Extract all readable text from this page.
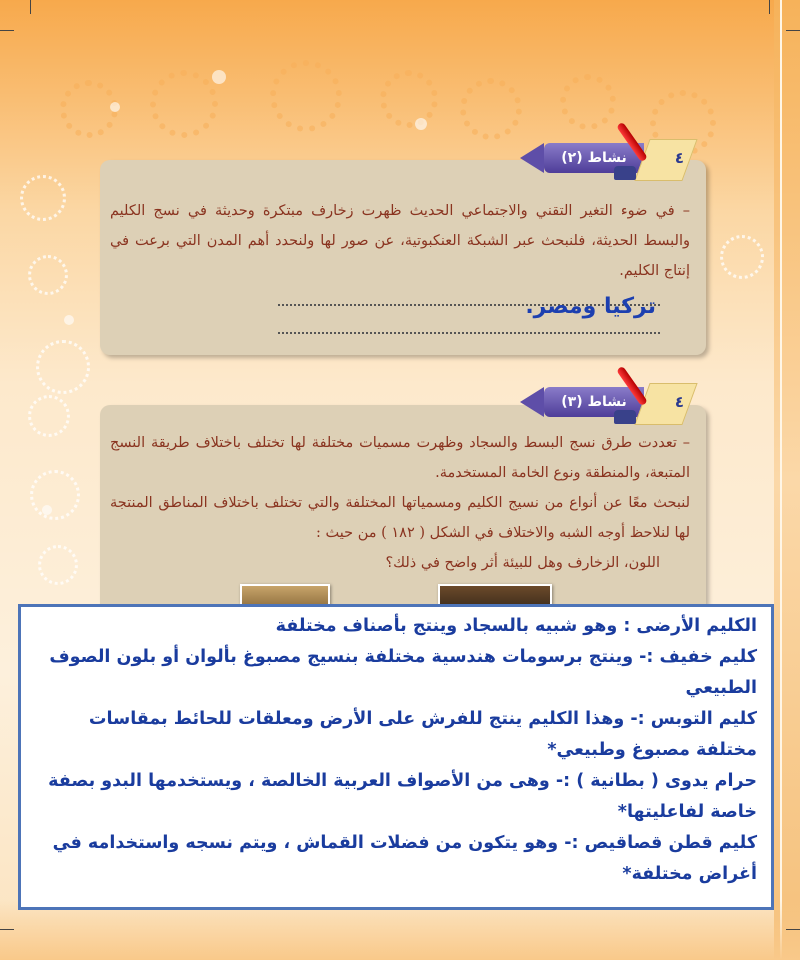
نشاط (٢)	٤
– في ضوء التغير التقني والاجتماعي الحديث ظهرت زخارف مبتكرة وحديثة في نسج الكليم والبسط الحديثة، فلنبحث عبر الشبكة العنكبوتية، عن صور لها ولنحدد أهم المدن التي برعت في إنتاج الكليم.
تركيا ومصر.
نشاط (٣)	٤
– تعددت طرق نسج البسط والسجاد وظهرت مسميات مختلفة لها تختلف باختلاف طريقة النسج المتبعة، والمنطقة ونوع الخامة المستخدمة.
لنبحث معًا عن أنواع من نسيج الكليم ومسمياتها المختلفة والتي تختلف باختلاف المناطق المنتجة لها لنلاحظ أوجه الشبه والاختلاف في الشكل ( ١٨٢ ) من حيث :
اللون، الزخارف وهل للبيئة أثر واضح في ذلك؟

الكليم الأرضى : وهو شبيه بالسجاد وينتج بأصناف مختلفة

كليم خفيف :- وينتج برسومات هندسية مختلفة بنسيج مصبوغ بألوان أو بلون الصوف الطبيعي

كليم التوبس :- وهذا الكليم ينتج للفرش على الأرض ومعلقات للحائط بمقاسات مختلفة مصبوغ وطبيعي*

حرام يدوى ( بطانية ) :- وهى من الأصواف العربية الخالصة ، ويستخدمها البدو بصفة خاصة لفاعليتها*

كليم قطن قصاقيص :- وهو يتكون من فضلات القماش ، ويتم نسجه واستخدامه في أغراض مختلفة*
